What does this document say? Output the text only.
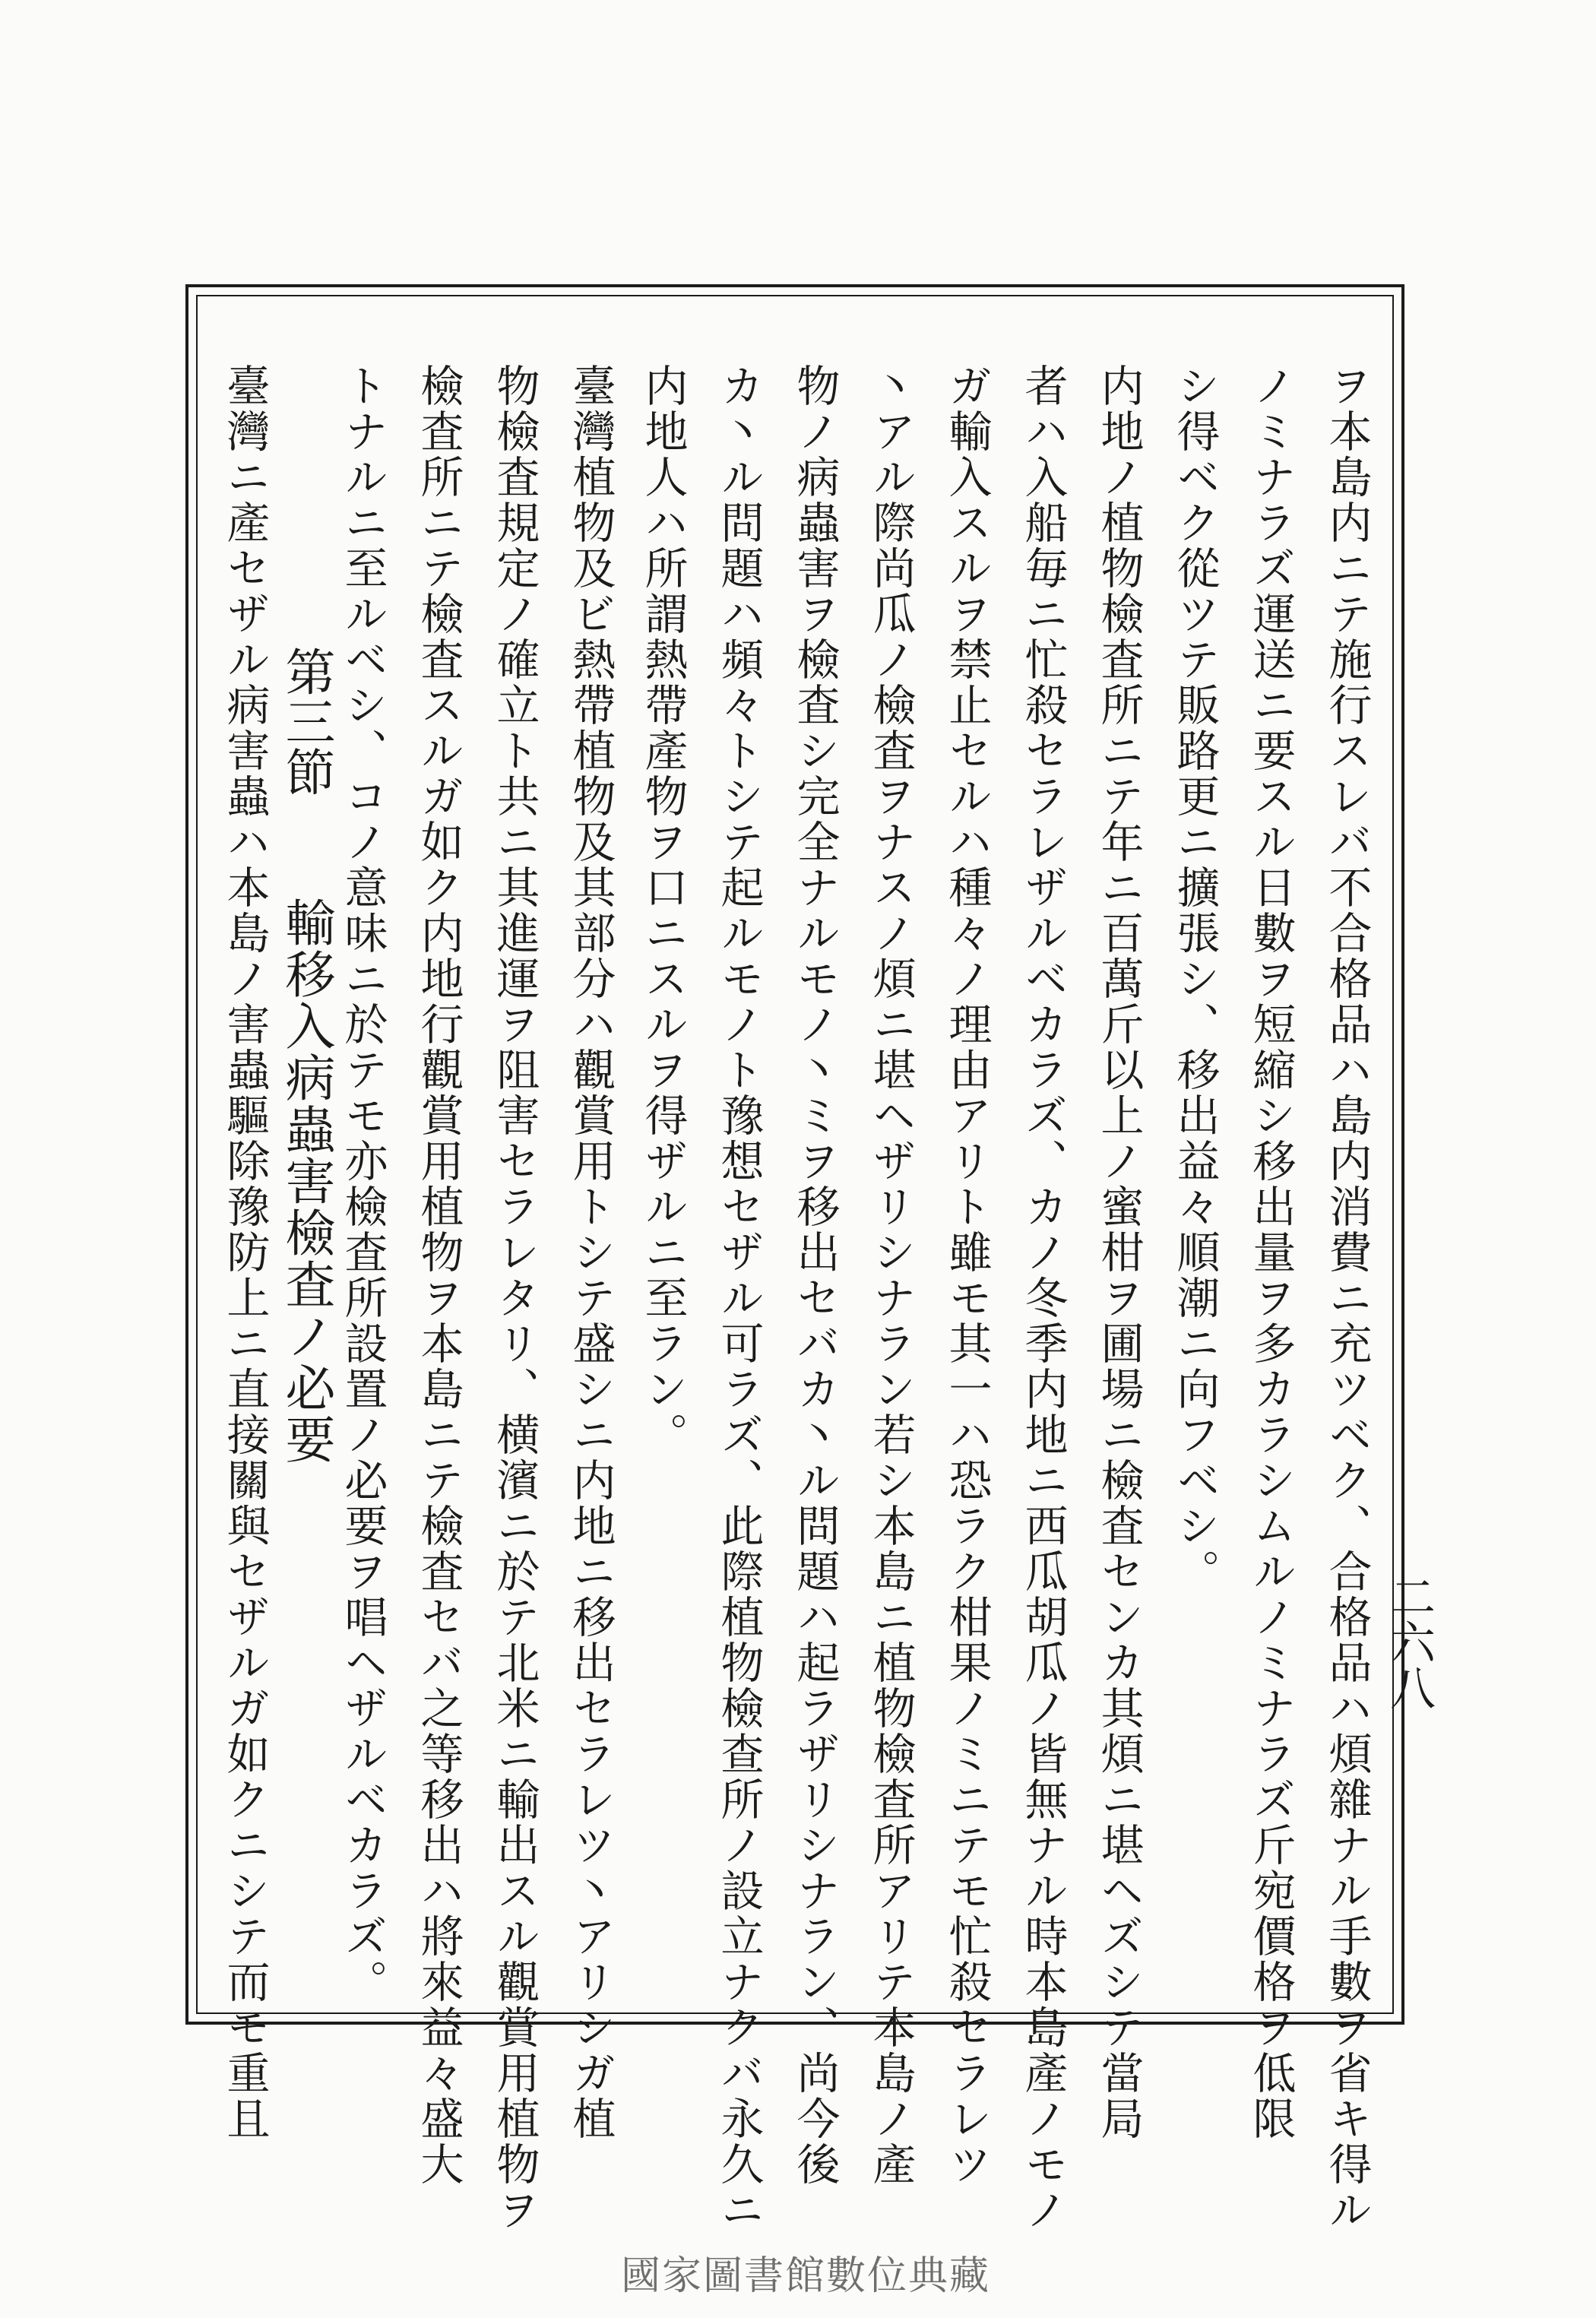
ヲ本島内ニテ施行スレバ不合格品ハ島内消費ニ充ツベク、合格品ハ煩雜ナル手數ヲ省キ得ル
ノミナラズ運送ニ要スル日數ヲ短縮シ移出量ヲ多カラシムルノミナラズ斤宛價格ヲ低限
シ得ベク從ツテ販路更ニ擴張シ、移出益々順潮ニ向フベシ。
内地ノ植物檢査所ニテ年ニ百萬斤以上ノ蜜柑ヲ圃場ニ檢査センカ其煩ニ堪ヘズシテ當局
者ハ入船毎ニ忙殺セラレザルベカラズ、カノ冬季内地ニ西瓜胡瓜ノ皆無ナル時本島產ノモノ
ガ輸入スルヲ禁止セルハ種々ノ理由アリト雖モ其一ハ恐ラク柑果ノミニテモ忙殺セラレツ
丶アル際尚瓜ノ檢査ヲナスノ煩ニ堪ヘザリシナラン若シ本島ニ植物檢査所アリテ本島ノ產
物ノ病蟲害ヲ檢査シ完全ナルモノ丶ミヲ移出セバカ丶ル問題ハ起ラザリシナラン、尚今後
カ丶ル問題ハ頻々トシテ起ルモノト豫想セザル可ラズ、此際植物檢查所ノ設立ナクバ永久ニ
内地人ハ所謂熱帶產物ヲ口ニスルヲ得ザルニ至ラン。
臺灣植物及ビ熱帶植物及其部分ハ觀賞用トシテ盛シニ内地ニ移出セラレツ丶アリシガ植
物檢査規定ノ確立ト共ニ其進運ヲ阻害セラレタリ、横濱ニ於テ北米ニ輸出スル觀賞用植物ヲ
檢査所ニテ檢査スルガ如ク内地行觀賞用植物ヲ本島ニテ檢査セバ之等移出ハ將來益々盛大
トナルニ至ルベシ、コノ意味ニ於テモ亦檢査所設置ノ必要ヲ唱ヘザルベカラズ。
第三節
輸移入病蟲害檢査ノ必要
臺灣ニ產セザル病害蟲ハ本島ノ害蟲驅除豫防上ニ直接關與セザルガ如クニシテ而モ重且	二六八
國家圖書館數位典藏
